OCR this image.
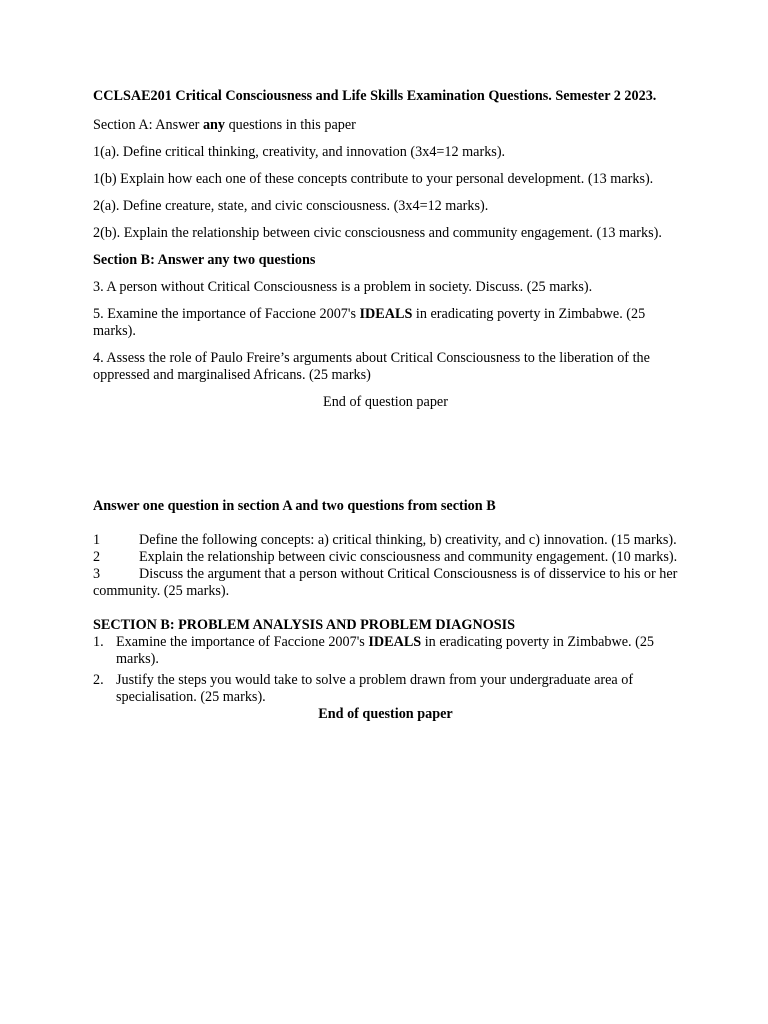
CCLSAE201 Critical Consciousness and Life Skills Examination Questions. Semester 2 2023.

Section A: Answer any questions in this paper

1(a). Define critical thinking, creativity, and innovation (3x4=12 marks).

1(b) Explain how each one of these concepts contribute to your personal development. (13 marks).

2(a). Define creature, state, and civic consciousness. (3x4=12 marks).

2(b). Explain the relationship between civic consciousness and community engagement. (13 marks).

Section B: Answer any two questions

3. A person without Critical Consciousness is a problem in society. Discuss. (25 marks).

5. Examine the importance of Faccione 2007's IDEALS in eradicating poverty in Zimbabwe. (25 marks).

4. Assess the role of Paulo Freire’s arguments about Critical Consciousness to the liberation of the oppressed and marginalised Africans. (25 marks)

End of question paper

Answer one question in section A and two questions from section B

1	Define the following concepts: a) critical thinking, b) creativity, and c) innovation. (15 marks).

2	Explain the relationship between civic consciousness and community engagement. (10 marks).

3	Discuss the argument that a person without Critical Consciousness is of disservice to his or her community. (25 marks).

SECTION B: PROBLEM ANALYSIS AND PROBLEM DIAGNOSIS

1. Examine the importance of Faccione 2007's IDEALS in eradicating poverty in Zimbabwe. (25 marks).
2. Justify the steps you would take to solve a problem drawn from your undergraduate area of specialisation. (25 marks).

End of question paper
